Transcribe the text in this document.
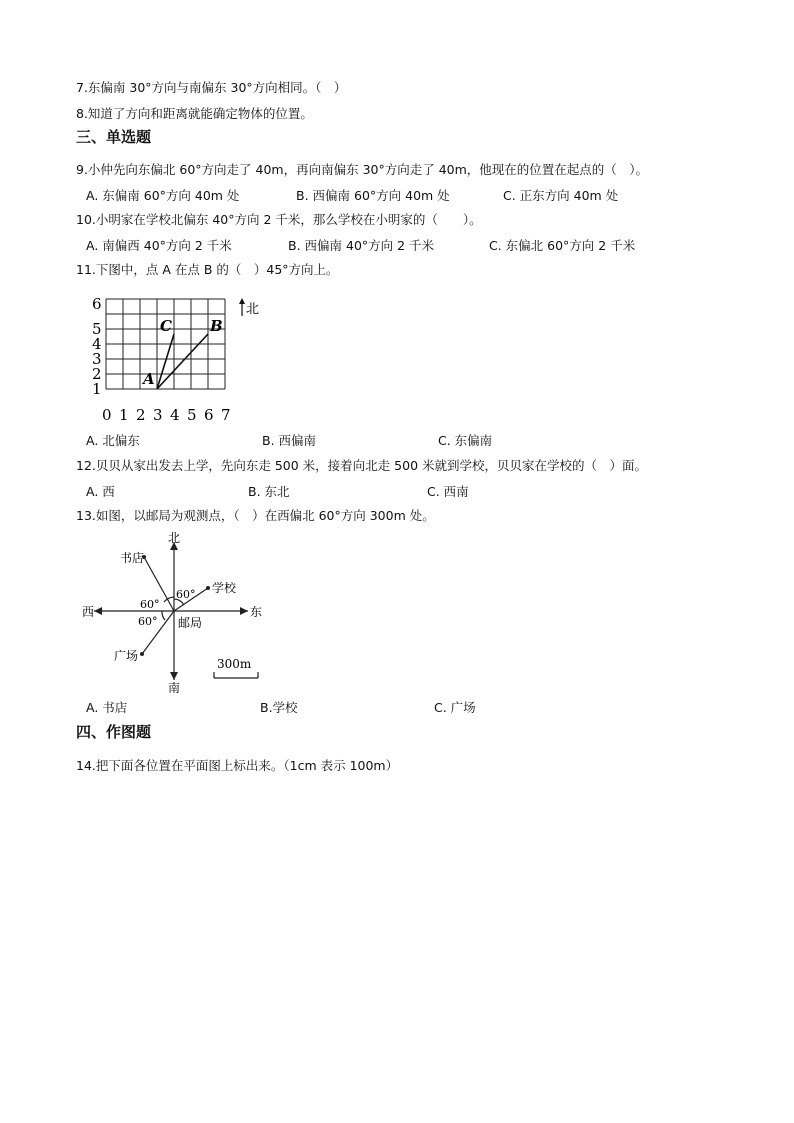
7.东偏南 30°方向与南偏东 30°方向相同。（　）
8.知道了方向和距离就能确定物体的位置。
三、单选题
9.小仲先向东偏北 60°方向走了 40m，再向南偏东 30°方向走了 40m，他现在的位置在起点的（　）。
A. 东偏南 60°方向 40m 处	B. 西偏南 60°方向 40m 处	C. 正东方向 40m 处
10.小明家在学校北偏东 40°方向 2 千米，那么学校在小明家的（　　）。
A. 南偏西 40°方向 2 千米	B. 西偏南 40°方向 2 千米	C. 东偏北 60°方向 2 千米
11.下图中，点 A 在点 B 的（　）45°方向上。
1
2
3
4
5
6
0 1 2 3 4 5 6 7
A
B
C
北
A. 北偏东	B. 西偏南	C. 东偏南
12.贝贝从家出发去上学，先向东走 500 米，接着向北走 500 米就到学校，贝贝家在学校的（　）面。
A. 西	B. 东北	C. 西南
13.如图，以邮局为观测点，（　）在西偏北 60°方向 300m 处。
北
南
西	东
邮局
书店
学校
广场
60°
60°
60°
300m
A. 书店	B.学校	C. 广场
四、作图题
14.把下面各位置在平面图上标出来。（1cm 表示 100m）
